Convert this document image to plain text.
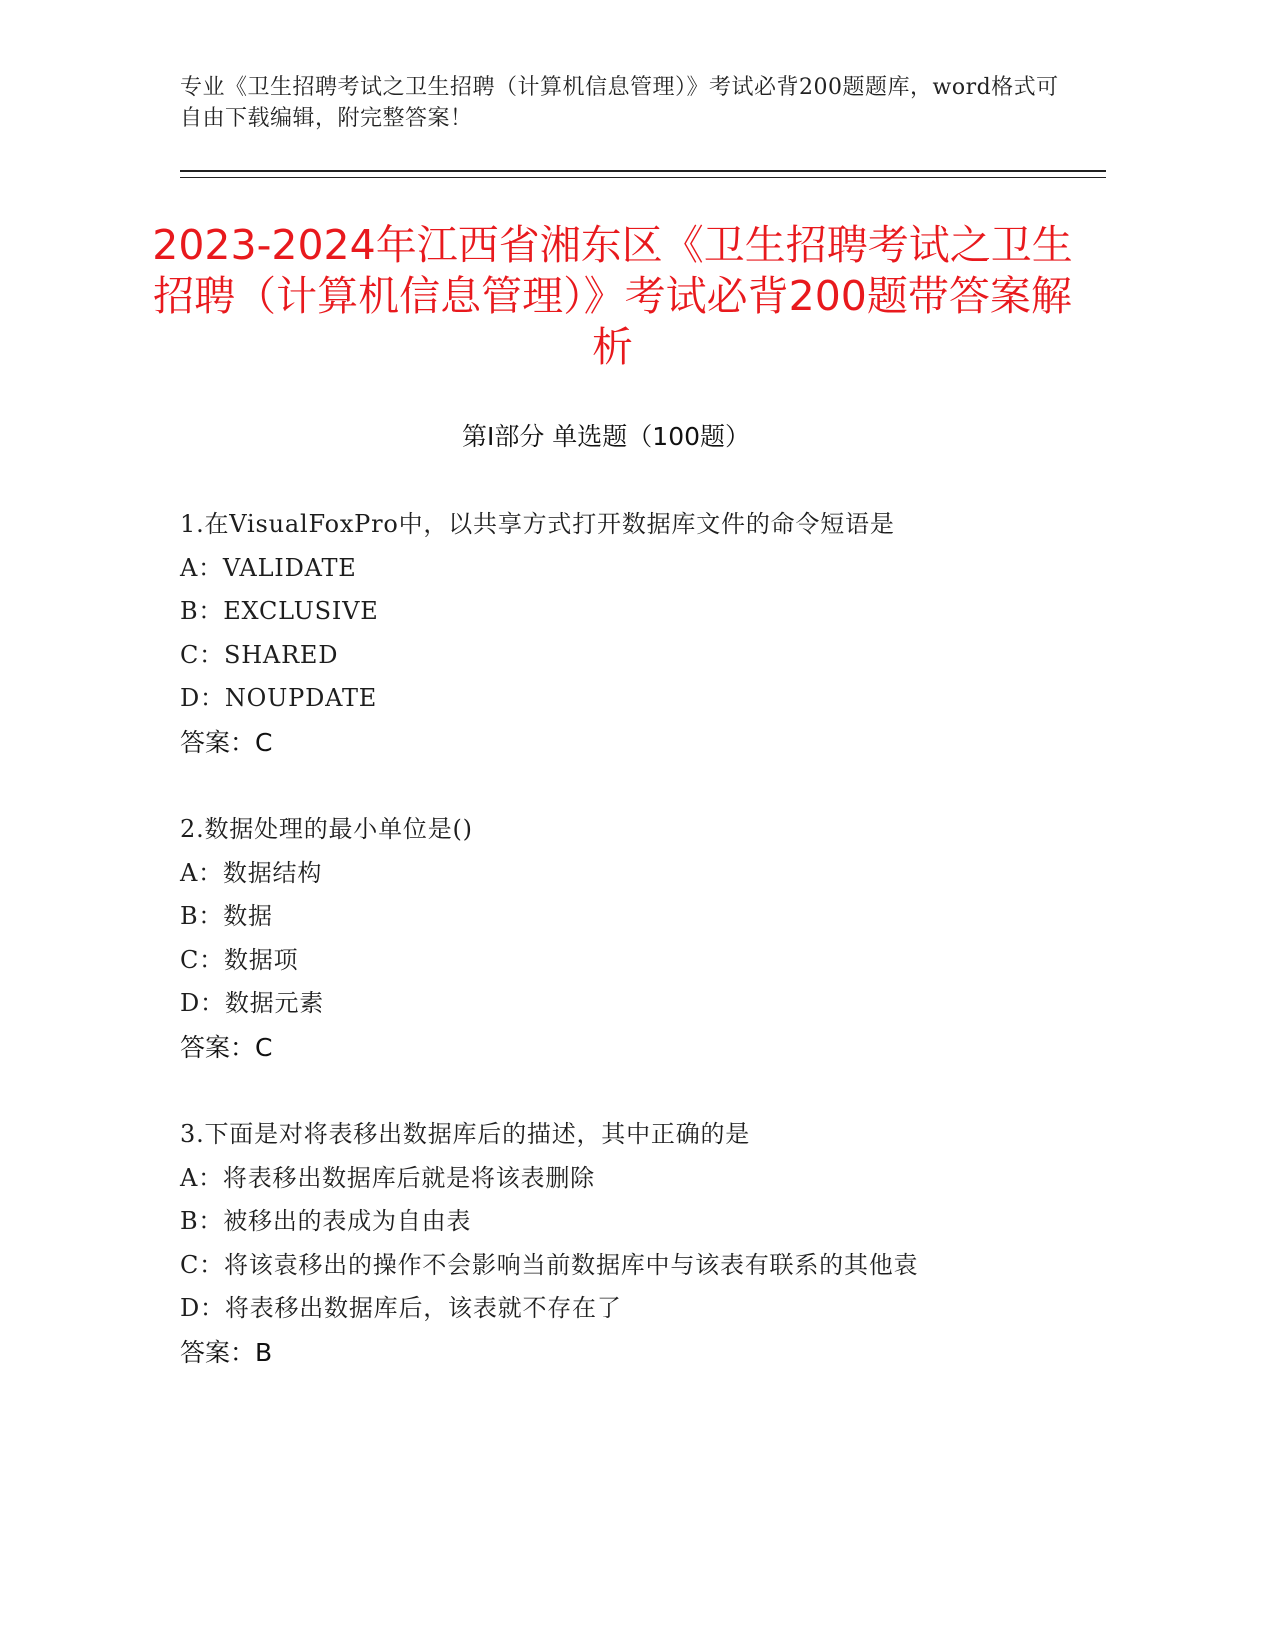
专业《卫生招聘考试之卫生招聘（计算机信息管理）》考试必背200题题库，word格式可自由下载编辑，附完整答案！
2023-2024年江西省湘东区《卫生招聘考试之卫生招聘（计算机信息管理）》考试必背200题带答案解析
第I部分 单选题（100题）
1.在VisualFoxPro中，以共享方式打开数据库文件的命令短语是
A：VALIDATE
B：EXCLUSIVE
C：SHARED
D：NOUPDATE
答案：C
2.数据处理的最小单位是()
A：数据结构
B：数据
C：数据项
D：数据元素
答案：C
3.下面是对将表移出数据库后的描述，其中正确的是
A：将表移出数据库后就是将该表删除
B：被移出的表成为自由表
C：将该袁移出的操作不会影响当前数据库中与该表有联系的其他袁
D：将表移出数据库后，该表就不存在了
答案：B
